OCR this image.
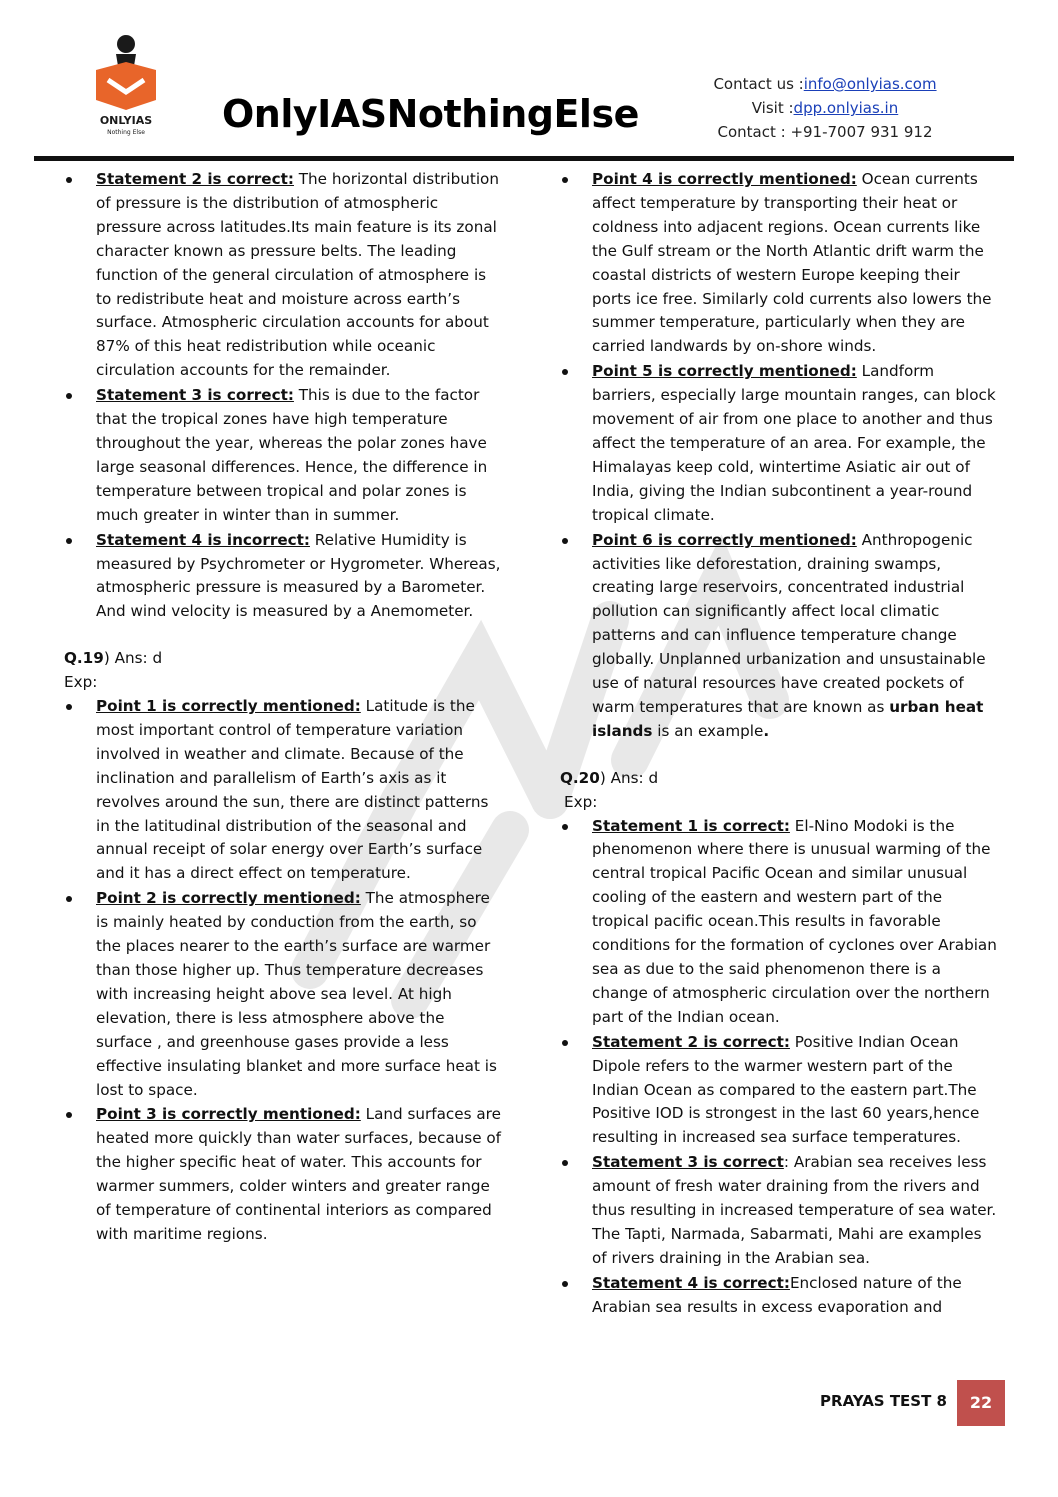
ONLYIAS
Nothing Else OnlyIASNothingElse
Contact us :info@onlyias.com
Visit :dpp.onlyias.in
Contact : +91-7007 931 912
Statement 2 is correct: The horizontal distribution of pressure is the distribution of atmospheric pressure across latitudes.Its main feature is its zonal character known as pressure belts. The leading function of the general circulation of atmosphere is to redistribute heat and moisture across earth’s surface. Atmospheric circulation accounts for about 87% of this heat redistribution while oceanic circulation accounts for the remainder.
Statement 3 is correct: This is due to the factor that the tropical zones have high temperature throughout the year, whereas the polar zones have large seasonal differences. Hence, the difference in temperature between tropical and polar zones is much greater in winter than in summer.
Statement 4 is incorrect: Relative Humidity is measured by Psychrometer or Hygrometer. Whereas, atmospheric pressure is measured by a Barometer. And wind velocity is measured by a Anemometer.
Q.19) Ans: d
Exp:
Point 1 is correctly mentioned: Latitude is the most important control of temperature variation involved in weather and climate. Because of the inclination and parallelism of Earth’s axis as it revolves around the sun, there are distinct patterns in the latitudinal distribution of the seasonal and annual receipt of solar energy over Earth’s surface and it has a direct effect on temperature.
Point 2 is correctly mentioned: The atmosphere is mainly heated by conduction from the earth, so the places nearer to the earth’s surface are warmer than those higher up. Thus temperature decreases with increasing height above sea level. At high elevation, there is less atmosphere above the surface , and greenhouse gases provide a less effective insulating blanket and more surface heat is lost to space.
Point 3 is correctly mentioned: Land surfaces are heated more quickly than water surfaces, because of the higher specific heat of water. This accounts for warmer summers, colder winters and greater range of temperature of continental interiors as compared with maritime regions.
Point 4 is correctly mentioned: Ocean currents affect temperature by transporting their heat or coldness into adjacent regions. Ocean currents like the Gulf stream or the North Atlantic drift warm the coastal districts of western Europe keeping their ports ice free. Similarly cold currents also lowers the summer temperature, particularly when they are carried landwards by on-shore winds.
Point 5 is correctly mentioned: Landform barriers, especially large mountain ranges, can block movement of air from one place to another and thus affect the temperature of an area. For example, the Himalayas keep cold, wintertime Asiatic air out of India, giving the Indian subcontinent a year-round tropical climate.
Point 6 is correctly mentioned: Anthropogenic activities like deforestation, draining swamps, creating large reservoirs, concentrated industrial pollution can significantly affect local climatic patterns and can influence temperature change globally. Unplanned urbanization and unsustainable use of natural resources have created pockets of warm temperatures that are known as urban heat islands is an example.
Q.20) Ans: d
Exp:
Statement 1 is correct: El-Nino Modoki is the phenomenon where there is unusual warming of the central tropical Pacific Ocean and similar unusual cooling of the eastern and western part of the tropical pacific ocean.This results in favorable conditions for the formation of cyclones over Arabian sea as due to the said phenomenon there is a change of atmospheric circulation over the northern part of the Indian ocean.
Statement 2 is correct: Positive Indian Ocean Dipole refers to the warmer western part of the Indian Ocean as compared to the eastern part.The Positive IOD is strongest in the last 60 years,hence resulting in increased sea surface temperatures.
Statement 3 is correct: Arabian sea receives less amount of fresh water draining from the rivers and thus resulting in increased temperature of sea water. The Tapti, Narmada, Sabarmati, Mahi are examples of rivers draining in the Arabian sea.
Statement 4 is correct:Enclosed nature of the Arabian sea results in excess evaporation and
PRAYAS TEST 8	22
